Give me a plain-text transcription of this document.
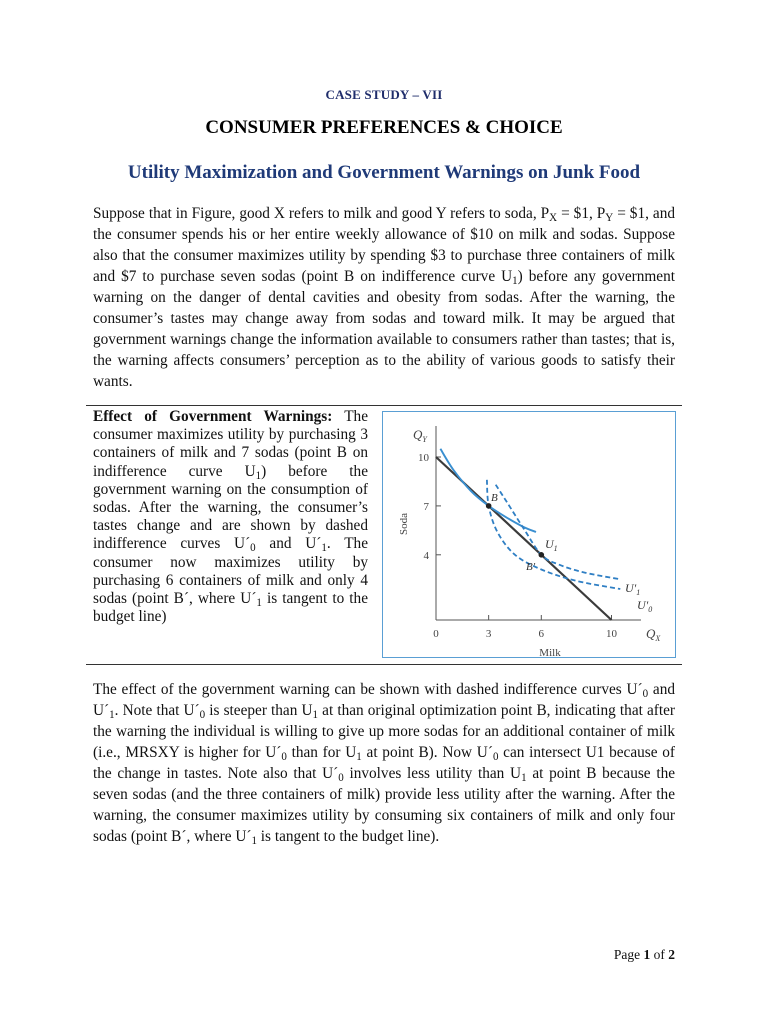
CASE STUDY – VII
CONSUMER PREFERENCES & CHOICE
Utility Maximization and Government Warnings on Junk Food
Suppose that in Figure, good X refers to milk and good Y refers to soda, $P_X$ = $1, $P_Y$ = $1, and the consumer spends his or her entire weekly allowance of $10 on milk and sodas. Suppose also that the consumer maximizes utility by spending $3 to purchase three containers of milk and $7 to purchase seven sodas (point B on indifference curve $U_1$) before any government warning on the danger of dental cavities and obesity from sodas. After the warning, the consumer’s tastes may change away from sodas and toward milk. It may be argued that government warnings change the information available to consumers rather than tastes; that is, the warning affects consumers’ perception as to the ability of various goods to satisfy their wants.
Effect of Government Warnings: The consumer maximizes utility by purchasing 3 containers of milk and 7 sodas (point B on indifference curve $U_1$) before the government warning on the consumption of sodas. After the warning, the consumer’s tastes change and are shown by dashed indifference curves $U´_0$ and $U´_1$. The consumer now maximizes utility by purchasing 6 containers of milk and only 4 sodas (point B´, where $U´_1$ is tangent to the budget line)
$Q_Y$
$Q_X$
Soda
Milk
10
7
4
0	3	6	10
B
B′
$U_1$
$U'_1$
$U'_0$
The effect of the government warning can be shown with dashed indifference curves $U´_0$ and $U´_1$. Note that $U´_0$ is steeper than $U_1$ at than original optimization point B, indicating that after the warning the individual is willing to give up more sodas for an additional container of milk (i.e., MRSXY is higher for $U´_0$ than for $U_1$ at point B). Now $U´_0$ can intersect U1 because of the change in tastes. Note also that $U´_0$ involves less utility than $U_1$ at point B because the seven sodas (and the three containers of milk) provide less utility after the warning. After the warning, the consumer maximizes utility by consuming six containers of milk and only four sodas (point B´, where $U´_1$ is tangent to the budget line).
Page 1 of 2
